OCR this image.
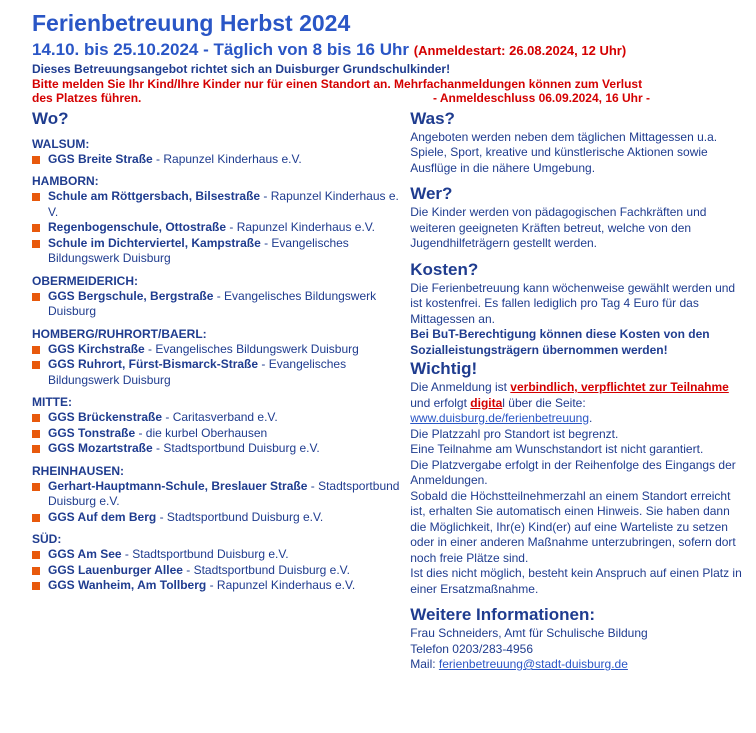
Ferienbetreuung Herbst 2024
14.10. bis 25.10.2024 - Täglich von 8 bis 16 Uhr (Anmeldestart: 26.08.2024, 12 Uhr)
Dieses Betreuungsangebot richtet sich an Duisburger Grundschulkinder!
Bitte melden Sie Ihr Kind/Ihre Kinder nur für einen Standort an. Mehrfachanmeldungen können zum Verlust
des Platzes führen.	- Anmeldeschluss 06.09.2024, 16 Uhr -
Wo?
WALSUM:
GGS Breite Straße - Rapunzel Kinderhaus e.V.
HAMBORN:
Schule am Röttgersbach, Bilsestraße - Rapunzel Kinderhaus e. V.
Regenbogenschule, Ottostraße - Rapunzel Kinderhaus e.V.
Schule im Dichterviertel, Kampstraße - Evangelisches Bildungswerk Duisburg
OBERMEIDERICH:
GGS Bergschule, Bergstraße - Evangelisches Bildungswerk Duisburg
HOMBERG/RUHRORT/BAERL:
GGS Kirchstraße - Evangelisches Bildungswerk Duisburg
GGS Ruhrort, Fürst-Bismarck-Straße - Evangelisches Bildungswerk Duisburg
MITTE:
GGS Brückenstraße - Caritasverband e.V.
GGS Tonstraße - die kurbel Oberhausen
GGS Mozartstraße - Stadtsportbund Duisburg e.V.
RHEINHAUSEN:
Gerhart-Hauptmann-Schule, Breslauer Straße - Stadtsportbund Duisburg e.V.
GGS Auf dem Berg - Stadtsportbund Duisburg e.V.
SÜD:
GGS Am See - Stadtsportbund Duisburg e.V.
GGS Lauenburger Allee - Stadtsportbund Duisburg e.V.
GGS Wanheim, Am Tollberg - Rapunzel Kinderhaus e.V.
Was?

Angeboten werden neben dem täglichen Mittagessen u.a. Spiele, Sport, kreative und künstlerische Aktionen sowie Ausflüge in die nähere Umgebung.

Wer?

Die Kinder werden von pädagogischen Fachkräften und weiteren geeigneten Kräften betreut, welche von den Jugendhilfeträgern gestellt werden.

Kosten?

Die Ferienbetreuung kann wöchenweise gewählt werden und ist kostenfrei. Es fallen lediglich pro Tag 4 Euro für das Mittagessen an.

Bei BuT-Berechtigung können diese Kosten von den Sozialleistungsträgern übernommen werden!

Wichtig!

Die Anmeldung ist verbindlich, verpflichtet zur Teilnahme und erfolgt digital über die Seite:
www.duisburg.de/ferienbetreuung.

Die Platzzahl pro Standort ist begrenzt.

Eine Teilnahme am Wunschstandort ist nicht garantiert.

Die Platzvergabe erfolgt in der Reihenfolge des Eingangs der Anmeldungen.

Sobald die Höchstteilnehmerzahl an einem Standort erreicht ist, erhalten Sie automatisch einen Hinweis. Sie haben dann die Möglichkeit, Ihr(e) Kind(er) auf eine Warteliste zu setzen oder in einer anderen Maßnahme unterzubringen, sofern dort noch freie Plätze sind.

Ist dies nicht möglich, besteht kein Anspruch auf einen Platz in einer Ersatzmaßnahme.

Weitere Informationen:

Frau Schneiders, Amt für Schulische Bildung

Telefon 0203/283-4956

Mail: ferienbetreuung@stadt-duisburg.de
